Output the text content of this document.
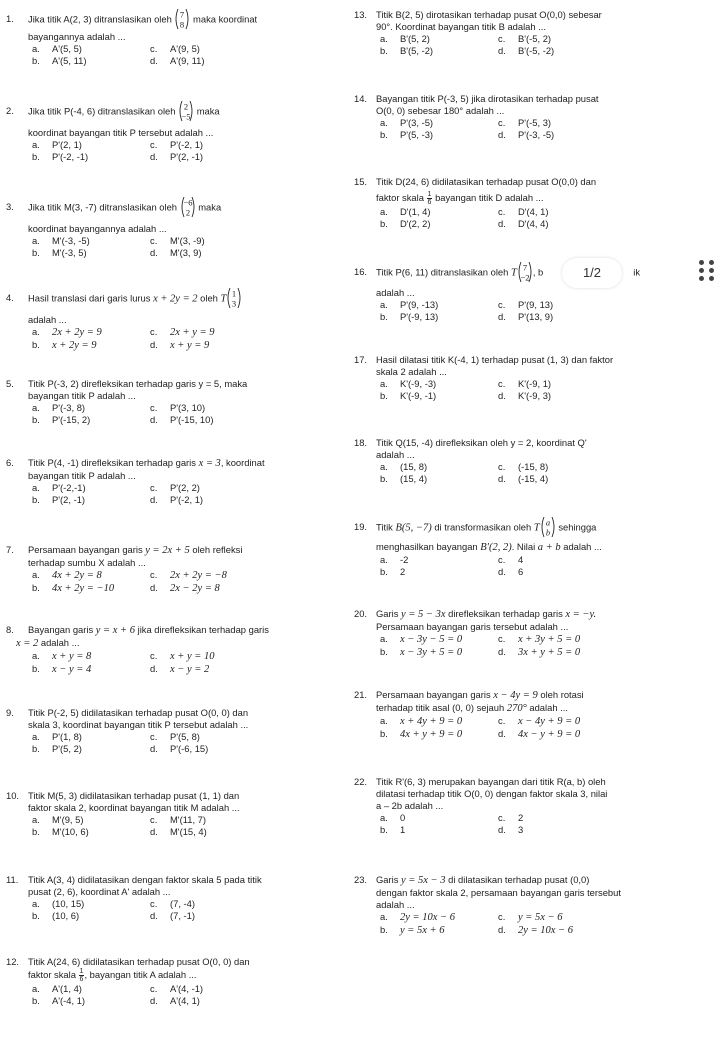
1. Jika titik A(2, 3) ditranslasikan oleh 7
8
maka koordinat
bayangannya adalah ...
a. A'(5, 5)	c. A'(9, 5)
b. A'(5, 11)	d. A'(9, 11)
2. Jika titik P(-4, 6) ditranslasikan oleh 2
−5
maka
koordinat bayangan titik P tersebut adalah ...
a. P'(2, 1)	c. P'(-2, 1)
b. P'(-2, -1)	d. P'(2, -1)
3. Jika titik M(3, -7) ditranslasikan oleh −6
2
maka
koordinat bayangannya adalah ...
a. M'(-3, -5)	c. M'(3, -9)
b. M'(-3, 5)	d. M'(3, 9)
4. Hasil translasi dari garis lurus x + 2y = 2 oleh T 1
3
adalah ...
a. 2x + 2y = 9	c. 2x + y = 9
b. x + 2y = 9	d. x + y = 9
5. Titik P(-3, 2) direfleksikan terhadap garis y = 5, maka
bayangan titik P adalah ...
a. P'(-3, 8)	c. P'(3, 10)
b. P'(-15, 2)	d. P'(-15, 10)
6. Titik P(4, -1) direfleksikan terhadap garis x = 3, koordinat
bayangan titik P adalah ...
a. P'(-2,-1)	c. P'(2, 2)
b. P'(2, -1)	d. P'(-2, 1)
7. Persamaan bayangan garis y = 2x + 5 oleh refleksi
terhadap sumbu X adalah ...
a. 4x + 2y = 8	c. 2x + 2y = −8
b. 4x + 2y = −10	d. 2x − 2y = 8
8. Bayangan garis y = x + 6 jika direfleksikan terhadap garis
x = 2 adalah ...
a. x + y = 8	c. x + y = 10
b. x − y = 4	d. x − y = 2
9. Titik P(-2, 5) didilatasikan terhadap pusat O(0, 0) dan
skala 3, koordinat bayangan titik P tersebut adalah ...
a. P'(1, 8)	c. P'(5, 8)
b. P'(5, 2)	d. P'(-6, 15)
10. Titik M(5, 3) didilatasikan terhadap pusat (1, 1) dan
faktor skala 2, koordinat bayangan titik M adalah ...
a. M'(9, 5)	c. M'(11, 7)
b. M'(10, 6)	d. M'(15, 4)
11. Titik A(3, 4) didilatasikan dengan faktor skala 5 pada titik
pusat (2, 6), koordinat A' adalah ...
a. (10, 15)	c. (7, -4)
b. (10, 6)	d. (7, -1)
12. Titik A(24, 6) didilatasikan terhadap pusat O(0, 0) dan
faktor skala $\frac{1}{6}$ , bayangan titik A adalah ...
a. A'(1, 4)	c. A'(4, -1)
b. A'(-4, 1)	d. A'(4, 1)
13. Titik B(2, 5) dirotasikan terhadap pusat O(0,0) sebesar
90°. Koordinat bayangan titik B adalah ...
a. B'(5, 2)	c. B'(-5, 2)
b. B'(5, -2)	d. B'(-5, -2)
14. Bayangan titik P(-3, 5) jika dirotasikan terhadap pusat
O(0, 0) sebesar 180° adalah ...
a. P'(3, -5)	c. P'(-5, 3)
b. P'(5, -3)	d. P'(-3, -5)
15. Titik D(24, 6) didilatasikan terhadap pusat O(0,0) dan
faktor skala $\frac{1}{6}$ bayangan titik D adalah ...
a. D'(1, 4)	c. D'(4, 1)
b. D'(2, 2)	d. D'(4, 4)
16. Titik P(6, 11) ditranslasikan oleh T 7
−2
, b	ik
adalah ...
a. P'(9, -13)	c. P'(9, 13)
b. P'(-9, 13)	d. P'(13, 9)
17. Hasil dilatasi titik K(-4, 1) terhadap pusat (1, 3) dan faktor
skala 2 adalah ...
a. K'(-9, -3)	c. K'(-9, 1)
b. K'(-9, -1)	d. K'(-9, 3)
18. Titik Q(15, -4) direfleksikan oleh y = 2, koordinat Q'
adalah ...
a. (15, 8)	c. (-15, 8)
b. (15, 4)	d. (-15, 4)
19. Titik B(5, −7) di transformasikan oleh T a
b
sehingga
menghasilkan bayangan B′(2, 2). Nilai a + b adalah ...
a. -2	c. 4
b. 2	d. 6
20. Garis y = 5 − 3x direfleksikan terhadap garis x = −y.
Persamaan bayangan garis tersebut adalah ...
a. x − 3y − 5 = 0	c. x + 3y + 5 = 0
b. x − 3y + 5 = 0	d. 3x + y + 5 = 0
21. Persamaan bayangan garis x − 4y = 9 oleh rotasi
terhadap titik asal (0, 0) sejauh 270° adalah ...
a. x + 4y + 9 = 0	c. x − 4y + 9 = 0
b. 4x + y + 9 = 0	d. 4x − y + 9 = 0
22. Titik R'(6, 3) merupakan bayangan dari titik R(a, b) oleh
dilatasi terhadap titik O(0, 0) dengan faktor skala 3, nilai
a – 2b adalah ...
a. 0	c. 2
b. 1	d. 3
23. Garis y = 5x − 3 di dilatasikan terhadap pusat (0,0)
dengan faktor skala 2, persamaan bayangan garis tersebut
adalah ...
a. 2y = 10x − 6	c. y = 5x − 6
b. y = 5x + 6	d. 2y = 10x − 6
1/2
